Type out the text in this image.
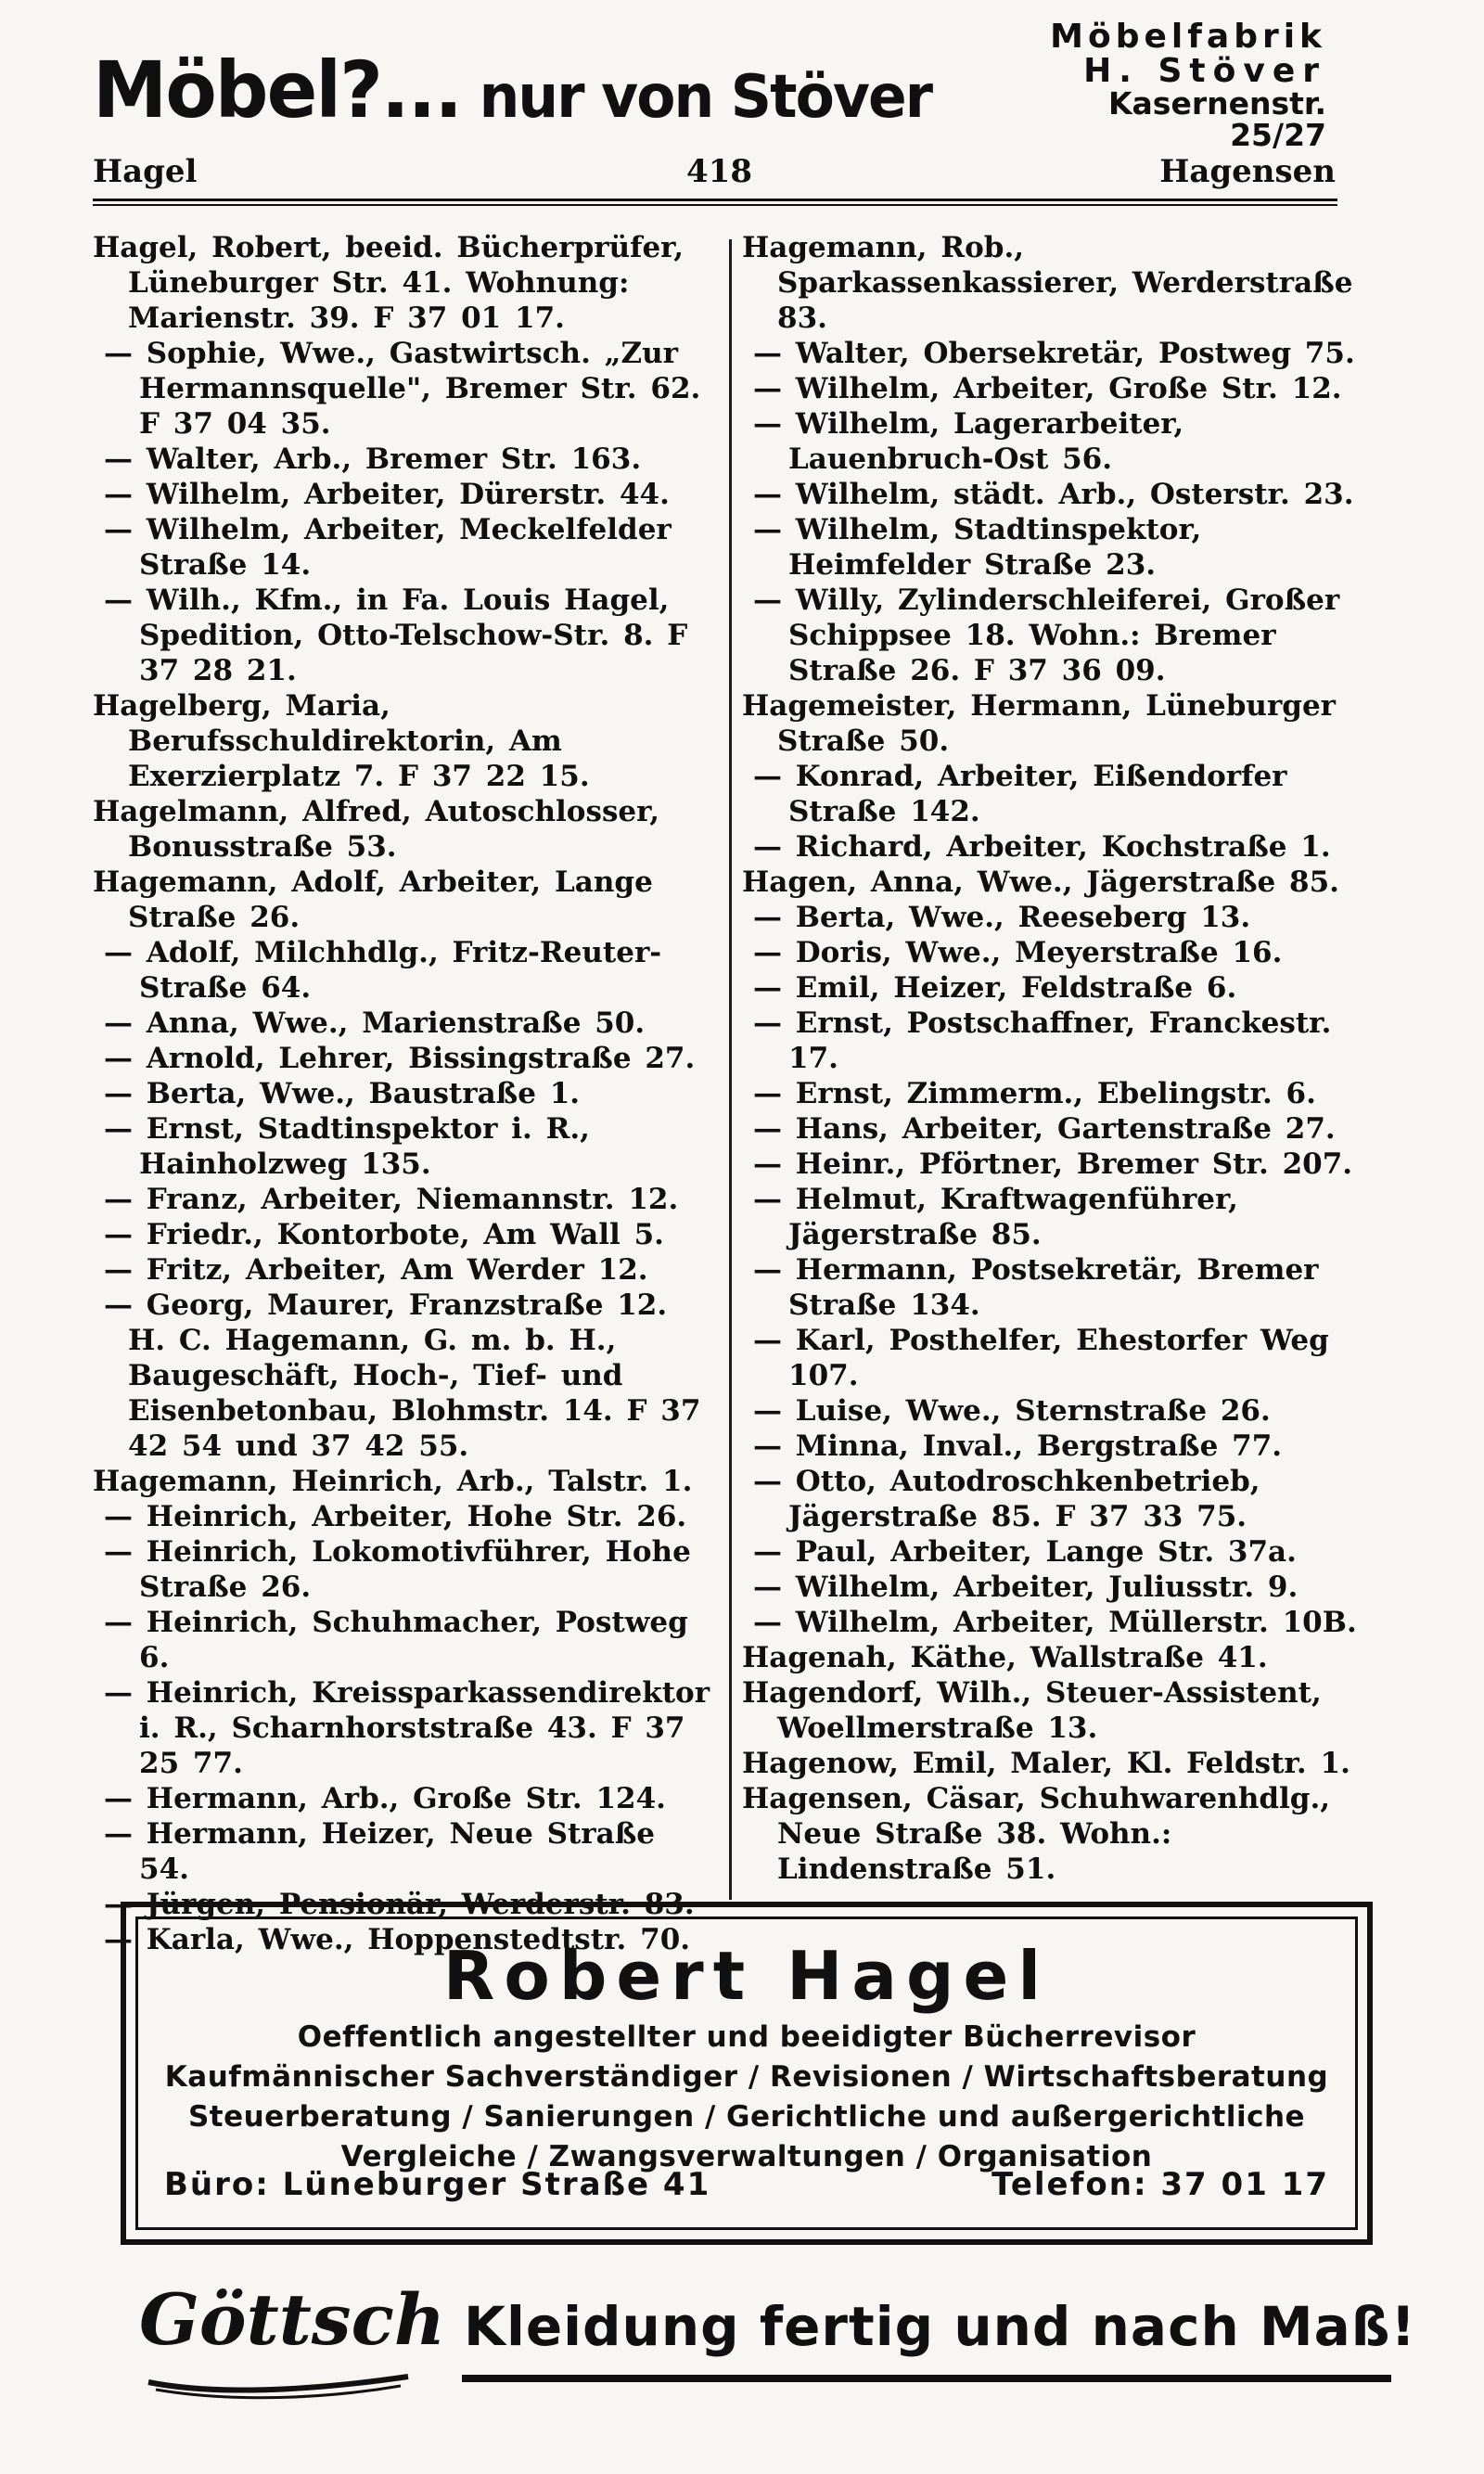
Möbel?... nur von Stöver
Möbelfabrik
H. Stöver
Kasernenstr. 25/27
Hagel	418	Hagensen
Hagel, Robert, beeid. Bücherprüfer, Lüneburger Str. 41. Wohnung: Marienstr. 39. F 37 01 17.
— Sophie, Wwe., Gastwirtsch. „Zur Hermannsquelle", Bremer Str. 62. F 37 04 35.
— Walter, Arb., Bremer Str. 163.
— Wilhelm, Arbeiter, Dürerstr. 44.
— Wilhelm, Arbeiter, Meckelfelder Straße 14.
— Wilh., Kfm., in Fa. Louis Hagel, Spedition, Otto-Telschow-Str. 8. F 37 28 21.
Hagelberg, Maria, Berufsschuldirektorin, Am Exerzierplatz 7. F 37 22 15.
Hagelmann, Alfred, Autoschlosser, Bonusstraße 53.
Hagemann, Adolf, Arbeiter, Lange Straße 26.
— Adolf, Milchhdlg., Fritz-Reuter-Straße 64.
— Anna, Wwe., Marienstraße 50.
— Arnold, Lehrer, Bissingstraße 27.
— Berta, Wwe., Baustraße 1.
— Ernst, Stadtinspektor i. R., Hainholzweg 135.
— Franz, Arbeiter, Niemannstr. 12.
— Friedr., Kontorbote, Am Wall 5.
— Fritz, Arbeiter, Am Werder 12.
— Georg, Maurer, Franzstraße 12.
H. C. Hagemann, G. m. b. H., Baugeschäft, Hoch-, Tief- und Eisenbetonbau, Blohmstr. 14. F 37 42 54 und 37 42 55.
Hagemann, Heinrich, Arb., Talstr. 1.
— Heinrich, Arbeiter, Hohe Str. 26.
— Heinrich, Lokomotivführer, Hohe Straße 26.
— Heinrich, Schuhmacher, Postweg 6.
— Heinrich, Kreissparkassendirektor i. R., Scharnhorststraße 43. F 37 25 77.
— Hermann, Arb., Große Str. 124.
— Hermann, Heizer, Neue Straße 54.
— Jürgen, Pensionär, Werderstr. 83.
— Karla, Wwe., Hoppenstedtstr. 70.
Hagemann, Rob., Sparkassenkassierer, Werderstraße 83.
— Walter, Obersekretär, Postweg 75.
— Wilhelm, Arbeiter, Große Str. 12.
— Wilhelm, Lagerarbeiter, Lauenbruch-Ost 56.
— Wilhelm, städt. Arb., Osterstr. 23.
— Wilhelm, Stadtinspektor, Heimfelder Straße 23.
— Willy, Zylinderschleiferei, Großer Schippsee 18. Wohn.: Bremer Straße 26. F 37 36 09.
Hagemeister, Hermann, Lüneburger Straße 50.
— Konrad, Arbeiter, Eißendorfer Straße 142.
— Richard, Arbeiter, Kochstraße 1.
Hagen, Anna, Wwe., Jägerstraße 85.
— Berta, Wwe., Reeseberg 13.
— Doris, Wwe., Meyerstraße 16.
— Emil, Heizer, Feldstraße 6.
— Ernst, Postschaffner, Franckestr. 17.
— Ernst, Zimmerm., Ebelingstr. 6.
— Hans, Arbeiter, Gartenstraße 27.
— Heinr., Pförtner, Bremer Str. 207.
— Helmut, Kraftwagenführer, Jägerstraße 85.
— Hermann, Postsekretär, Bremer Straße 134.
— Karl, Posthelfer, Ehestorfer Weg 107.
— Luise, Wwe., Sternstraße 26.
— Minna, Inval., Bergstraße 77.
— Otto, Autodroschkenbetrieb, Jägerstraße 85. F 37 33 75.
— Paul, Arbeiter, Lange Str. 37a.
— Wilhelm, Arbeiter, Juliusstr. 9.
— Wilhelm, Arbeiter, Müllerstr. 10B.
Hagenah, Käthe, Wallstraße 41.
Hagendorf, Wilh., Steuer-Assistent, Woellmerstraße 13.
Hagenow, Emil, Maler, Kl. Feldstr. 1.
Hagensen, Cäsar, Schuhwarenhdlg., Neue Straße 38. Wohn.: Lindenstraße 51.
Robert Hagel
Oeffentlich angestellter und beeidigter Bücherrevisor
Kaufmännischer Sachverständiger / Revisionen / Wirtschaftsberatung
Steuerberatung / Sanierungen / Gerichtliche und außergerichtliche
Vergleiche / Zwangsverwaltungen / Organisation
Büro: Lüneburger Straße 41	Telefon: 37 01 17
Göttsch Kleidung fertig und nach Maß!
